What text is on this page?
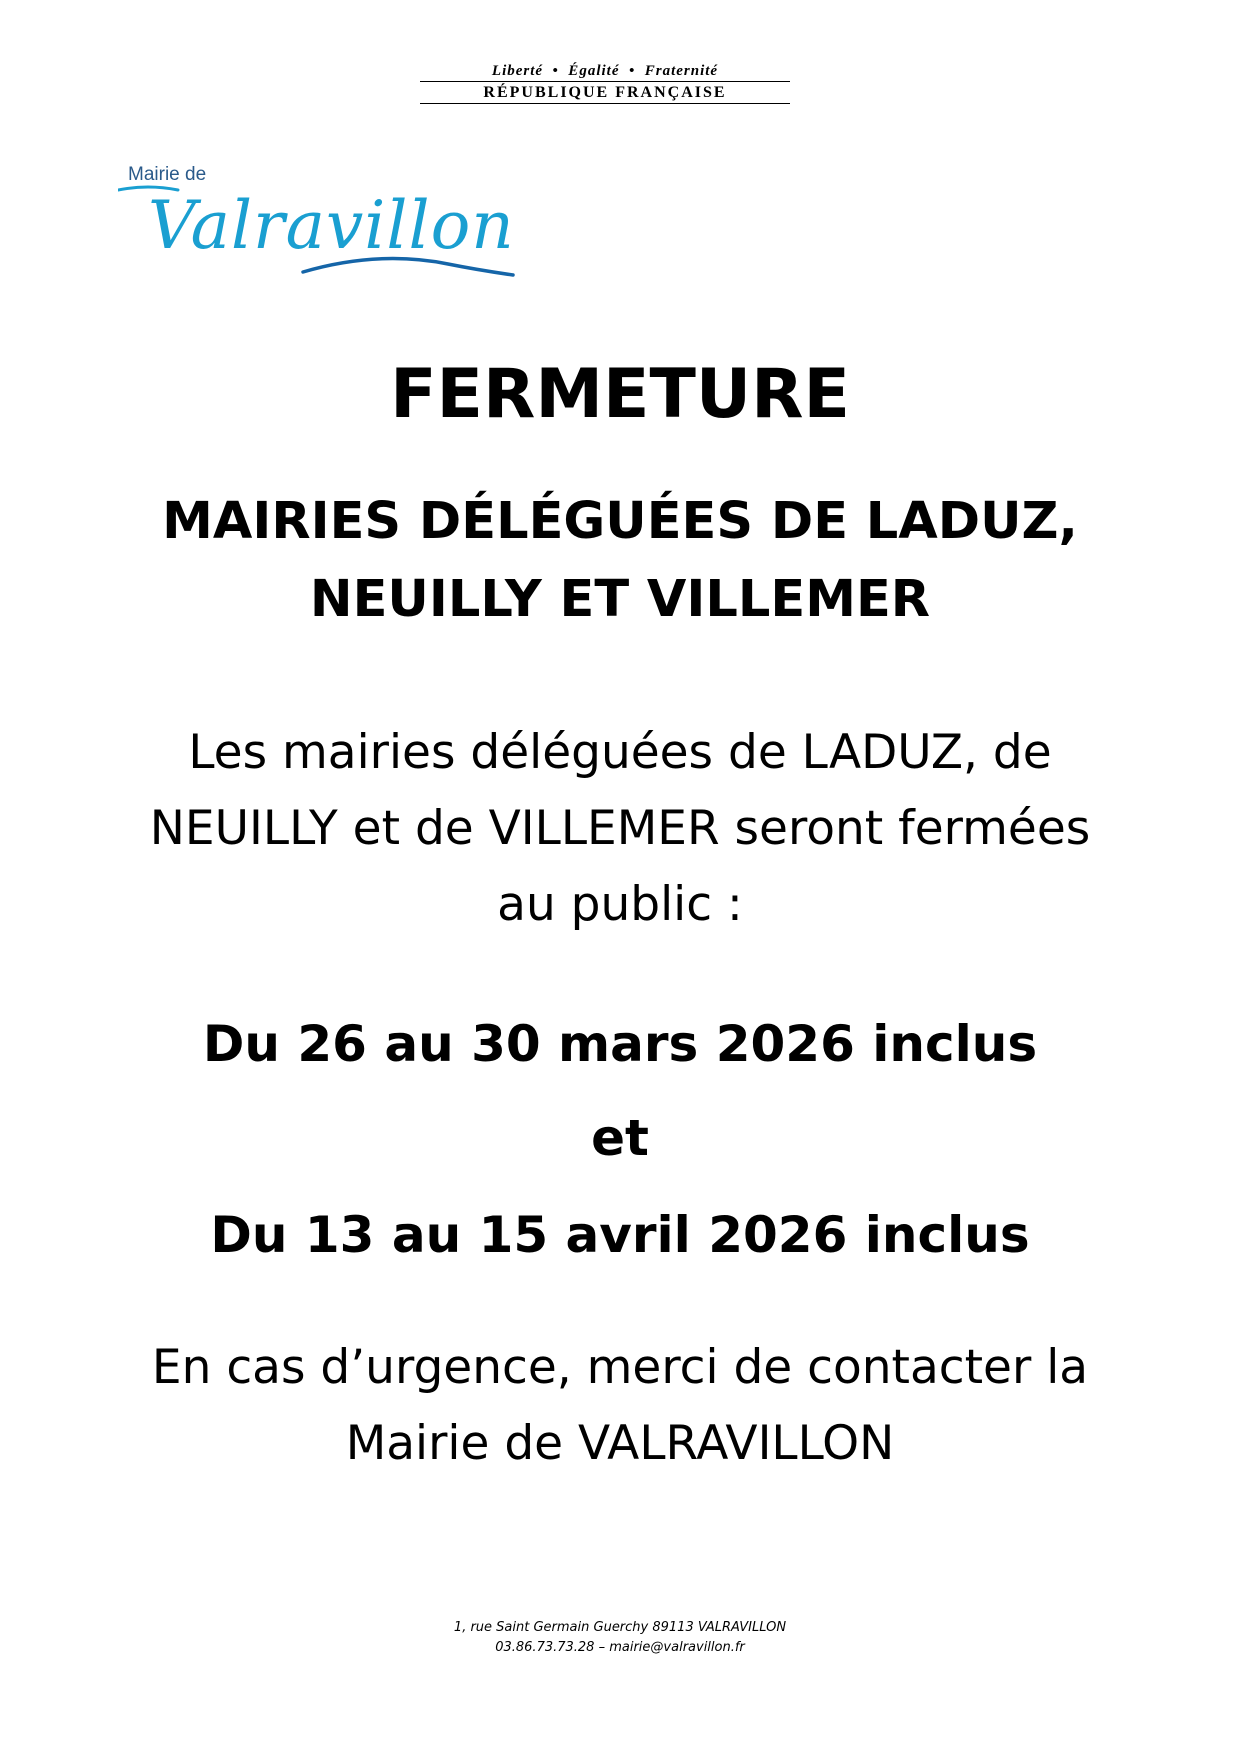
Liberté  •  Égalité  •  Fraternité
RÉPUBLIQUE FRANÇAISE
Mairie de
Valravillon
FERMETURE
MAIRIES DÉLÉGUÉES DE LADUZ,
NEUILLY ET VILLEMER
Les mairies déléguées de LADUZ, de
NEUILLY et de VILLEMER seront fermées
au public :
Du 26 au 30 mars 2026 inclus
et
Du 13 au 15 avril 2026 inclus
En cas d’urgence, merci de contacter la
Mairie de VALRAVILLON
1, rue Saint Germain Guerchy 89113 VALRAVILLON
03.86.73.73.28 – mairie@valravillon.fr
